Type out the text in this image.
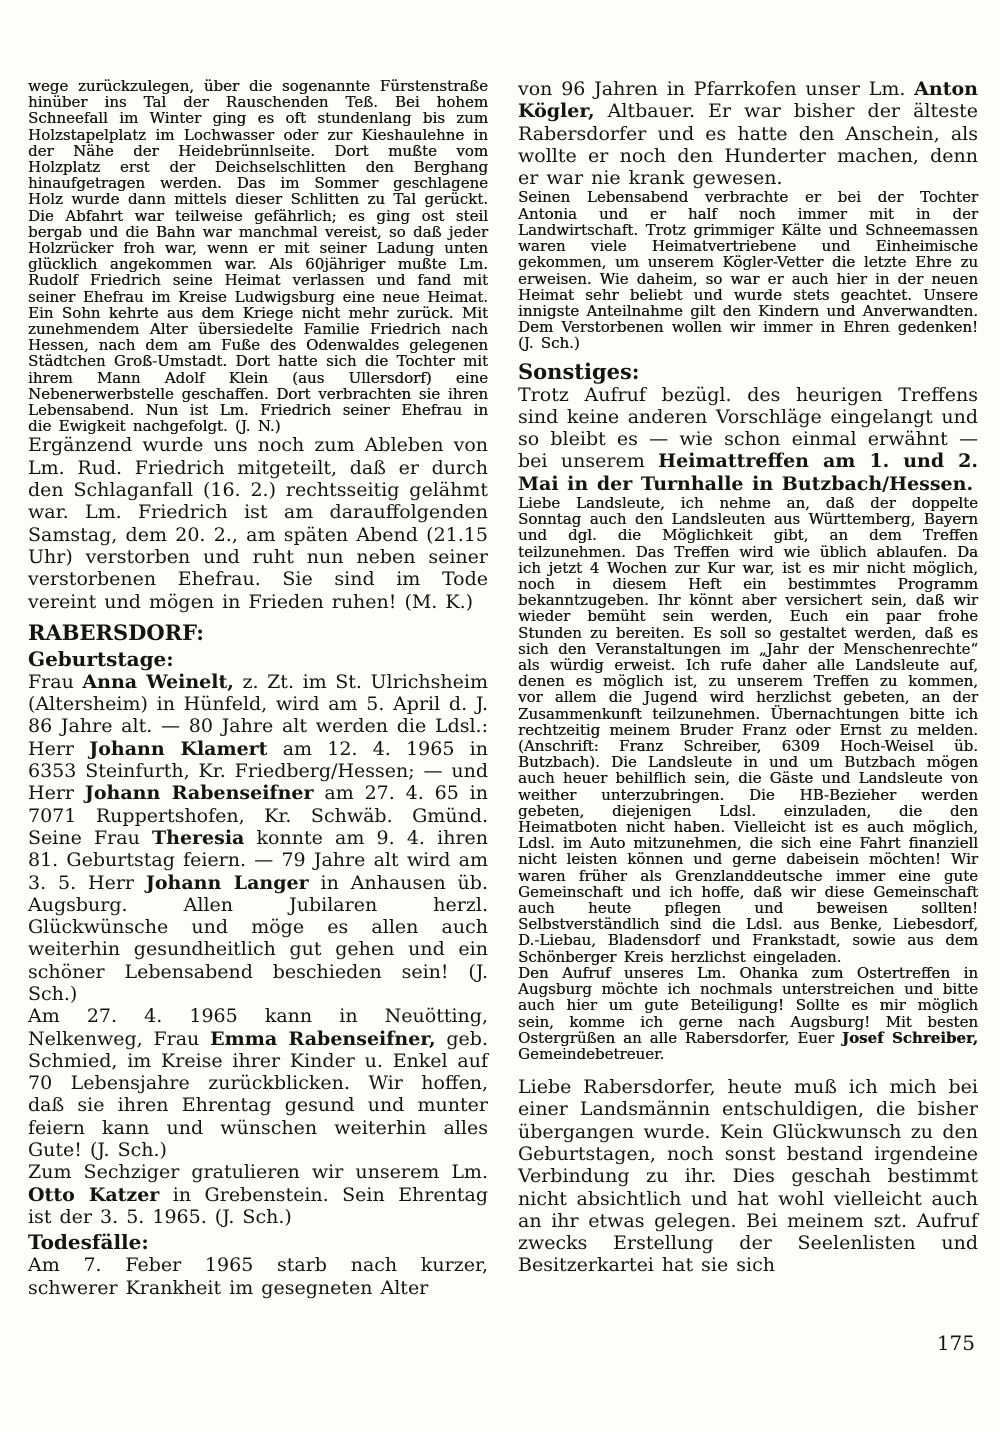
wege zurückzulegen, über die sogenannte Fürstenstraße hinüber ins Tal der Rauschenden Teß. Bei hohem Schneefall im Winter ging es oft stundenlang bis zum Holzstapelplatz im Lochwasser oder zur Kieshaulehne in der Nähe der Heidebrünnlseite. Dort mußte vom Holzplatz erst der Deichselschlitten den Berghang hinaufgetragen werden. Das im Sommer geschlagene Holz wurde dann mittels dieser Schlitten zu Tal gerückt. Die Abfahrt war teilweise gefährlich; es ging ost steil bergab und die Bahn war manchmal vereist, so daß jeder Holzrücker froh war, wenn er mit seiner Ladung unten glücklich angekommen war. Als 60jähriger mußte Lm. Rudolf Friedrich seine Heimat verlassen und fand mit seiner Ehefrau im Kreise Ludwigsburg eine neue Heimat. Ein Sohn kehrte aus dem Kriege nicht mehr zurück. Mit zunehmendem Alter übersiedelte Familie Friedrich nach Hessen, nach dem am Fuße des Odenwaldes gelegenen Städtchen Groß-Umstadt. Dort hatte sich die Tochter mit ihrem Mann Adolf Klein (aus Ullersdorf) eine Nebenerwerbstelle geschaffen. Dort verbrachten sie ihren Lebensabend. Nun ist Lm. Friedrich seiner Ehefrau in die Ewigkeit nachgefolgt. (J. N.)

Ergänzend wurde uns noch zum Ableben von Lm. Rud. Friedrich mitgeteilt, daß er durch den Schlaganfall (16. 2.) rechtsseitig gelähmt war. Lm. Friedrich ist am darauffolgenden Samstag, dem 20. 2., am späten Abend (21.15 Uhr) verstorben und ruht nun neben seiner verstorbenen Ehefrau. Sie sind im Tode vereint und mögen in Frieden ruhen! (M. K.)

RABERSDORF:
Geburtstage:

Frau Anna Weinelt, z. Zt. im St. Ulrichsheim (Altersheim) in Hünfeld, wird am 5. April d. J. 86 Jahre alt. — 80 Jahre alt werden die Ldsl.: Herr Johann Klamert am 12. 4. 1965 in 6353 Steinfurth, Kr. Friedberg/Hessen; — und Herr Johann Rabenseifner am 27. 4. 65 in 7071 Ruppertshofen, Kr. Schwäb. Gmünd. Seine Frau Theresia konnte am 9. 4. ihren 81. Geburtstag feiern. — 79 Jahre alt wird am 3. 5. Herr Johann Langer in Anhausen üb. Augsburg. Allen Jubilaren herzl. Glückwünsche und möge es allen auch weiterhin gesundheitlich gut gehen und ein schöner Lebensabend beschieden sein! (J. Sch.)

Am 27. 4. 1965 kann in Neuötting, Nelkenweg, Frau Emma Rabenseifner, geb. Schmied, im Kreise ihrer Kinder u. Enkel auf 70 Lebensjahre zurückblicken. Wir hoffen, daß sie ihren Ehrentag gesund und munter feiern kann und wünschen weiterhin alles Gute! (J. Sch.)

Zum Sechziger gratulieren wir unserem Lm. Otto Katzer in Grebenstein. Sein Ehrentag ist der 3. 5. 1965. (J. Sch.)

Todesfälle:

Am 7. Feber 1965 starb nach kurzer, schwerer Krankheit im gesegneten Alter

von 96 Jahren in Pfarrkofen unser Lm. Anton Kögler, Altbauer. Er war bisher der älteste Rabersdorfer und es hatte den Anschein, als wollte er noch den Hunderter machen, denn er war nie krank gewesen.

Seinen Lebensabend verbrachte er bei der Tochter Antonia und er half noch immer mit in der Landwirtschaft. Trotz grimmiger Kälte und Schneemassen waren viele Heimatvertriebene und Einheimische gekommen, um unserem Kögler-Vetter die letzte Ehre zu erweisen. Wie daheim, so war er auch hier in der neuen Heimat sehr beliebt und wurde stets geachtet. Unsere innigste Anteilnahme gilt den Kindern und Anverwandten. Dem Verstorbenen wollen wir immer in Ehren gedenken! (J. Sch.)

Sonstiges:

Trotz Aufruf bezügl. des heurigen Treffens sind keine anderen Vorschläge eingelangt und so bleibt es — wie schon einmal erwähnt — bei unserem Heimattreffen am 1. und 2. Mai in der Turnhalle in Butzbach/Hessen.

Liebe Landsleute, ich nehme an, daß der doppelte Sonntag auch den Landsleuten aus Württemberg, Bayern und dgl. die Möglichkeit gibt, an dem Treffen teilzunehmen. Das Treffen wird wie üblich ablaufen. Da ich jetzt 4 Wochen zur Kur war, ist es mir nicht möglich, noch in diesem Heft ein bestimmtes Programm bekanntzugeben. Ihr könnt aber versichert sein, daß wir wieder bemüht sein werden, Euch ein paar frohe Stunden zu bereiten. Es soll so gestaltet werden, daß es sich den Veranstaltungen im „Jahr der Menschenrechte“ als würdig erweist. Ich rufe daher alle Landsleute auf, denen es möglich ist, zu unserem Treffen zu kommen, vor allem die Jugend wird herzlichst gebeten, an der Zusammenkunft teilzunehmen. Übernachtungen bitte ich rechtzeitig meinem Bruder Franz oder Ernst zu melden. (Anschrift: Franz Schreiber, 6309 Hoch-Weisel üb. Butzbach). Die Landsleute in und um Butzbach mögen auch heuer behilflich sein, die Gäste und Landsleute von weither unterzubringen. Die HB-Bezieher werden gebeten, diejenigen Ldsl. einzuladen, die den Heimatboten nicht haben. Vielleicht ist es auch möglich, Ldsl. im Auto mitzunehmen, die sich eine Fahrt finanziell nicht leisten können und gerne dabeisein möchten! Wir waren früher als Grenzlanddeutsche immer eine gute Gemeinschaft und ich hoffe, daß wir diese Gemeinschaft auch heute pflegen und beweisen sollten! Selbstverständlich sind die Ldsl. aus Benke, Liebesdorf, D.-Liebau, Bladensdorf und Frankstadt, sowie aus dem Schönberger Kreis herzlichst eingeladen.

Den Aufruf unseres Lm. Ohanka zum Ostertreffen in Augsburg möchte ich nochmals unterstreichen und bitte auch hier um gute Beteiligung! Sollte es mir möglich sein, komme ich gerne nach Augsburg! Mit besten Ostergrüßen an alle Rabersdorfer, Euer Josef Schreiber, Gemeindebetreuer.

Liebe Rabersdorfer, heute muß ich mich bei einer Landsmännin entschuldigen, die bisher übergangen wurde. Kein Glückwunsch zu den Geburtstagen, noch sonst bestand irgendeine Verbindung zu ihr. Dies geschah bestimmt nicht absichtlich und hat wohl vielleicht auch an ihr etwas gelegen. Bei meinem szt. Aufruf zwecks Erstellung der Seelenlisten und Besitzerkartei hat sie sich

175
